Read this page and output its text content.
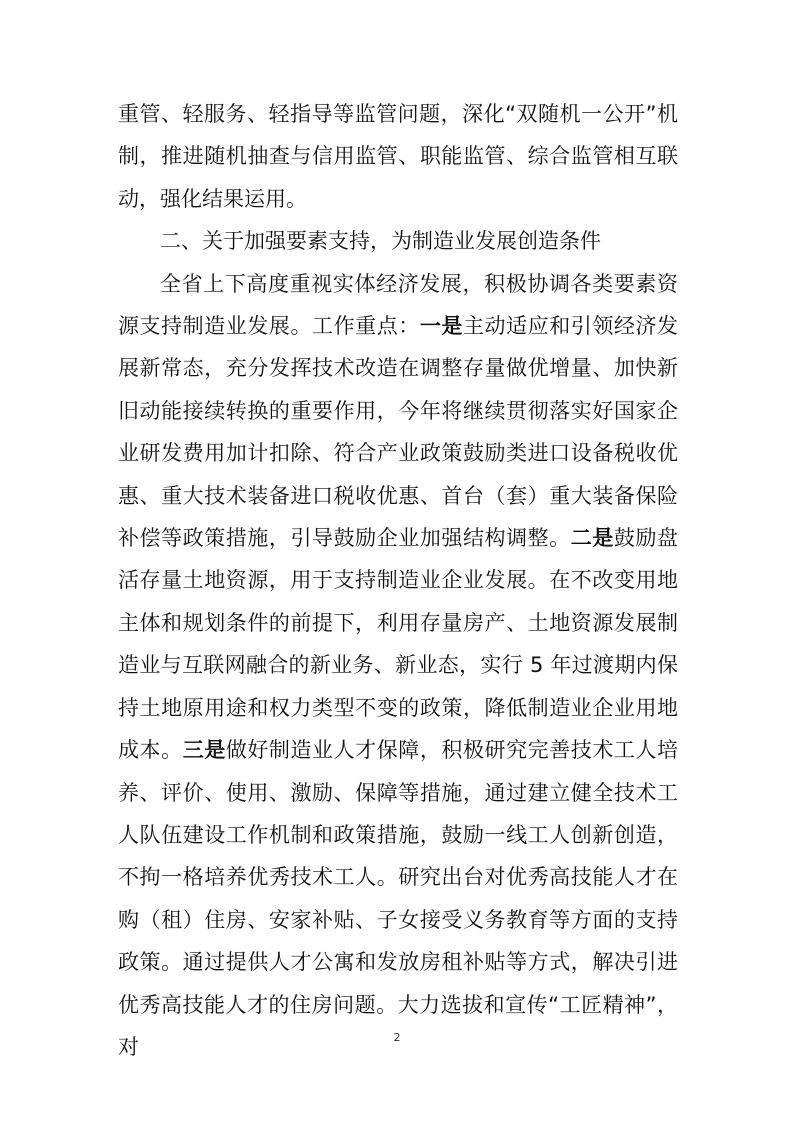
重管、轻服务、轻指导等监管问题，深化“双随机一公开”机制，推进随机抽查与信用监管、职能监管、综合监管相互联动，强化结果运用。

二、关于加强要素支持，为制造业发展创造条件

全省上下高度重视实体经济发展，积极协调各类要素资源支持制造业发展。工作重点：一是主动适应和引领经济发展新常态，充分发挥技术改造在调整存量做优增量、加快新旧动能接续转换的重要作用，今年将继续贯彻落实好国家企业研发费用加计扣除、符合产业政策鼓励类进口设备税收优惠、重大技术装备进口税收优惠、首台（套）重大装备保险补偿等政策措施，引导鼓励企业加强结构调整。二是鼓励盘活存量土地资源，用于支持制造业企业发展。在不改变用地主体和规划条件的前提下，利用存量房产、土地资源发展制造业与互联网融合的新业务、新业态，实行 5 年过渡期内保持土地原用途和权力类型不变的政策，降低制造业企业用地成本。三是做好制造业人才保障，积极研究完善技术工人培养、评价、使用、激励、保障等措施，通过建立健全技术工人队伍建设工作机制和政策措施，鼓励一线工人创新创造，不拘一格培养优秀技术工人。研究出台对优秀高技能人才在购（租）住房、安家补贴、子女接受义务教育等方面的支持政策。通过提供人才公寓和发放房租补贴等方式，解决引进优秀高技能人才的住房问题。大力选拔和宣传“工匠精神”，对	2
